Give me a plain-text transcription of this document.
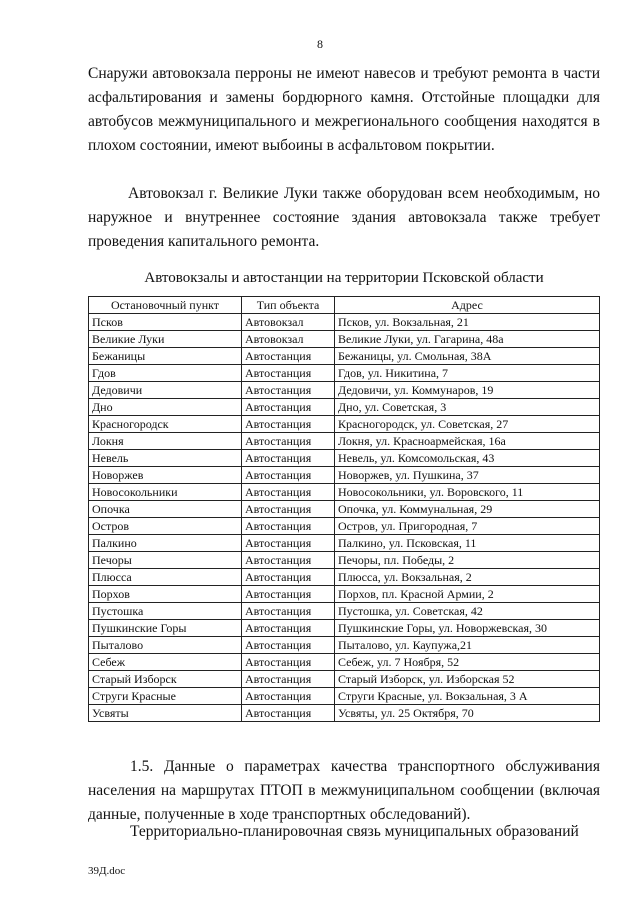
8

Снаружи автовокзала перроны не имеют навесов и требуют ремонта в части асфальтирования и замены бордюрного камня. Отстойные площадки для автобусов межмуниципального и межрегионального сообщения находятся в плохом состоянии, имеют выбоины в асфальтовом покрытии.

Автовокзал г. Великие Луки также оборудован всем необходимым, но наружное и внутреннее состояние здания автовокзала также требует проведения капитального ремонта.

Автовокзалы и автостанции на территории Псковской области
Остановочный пункт	Тип объекта	Адрес
Псков	Автовокзал	Псков, ул. Вокзальная, 21
Великие Луки	Автовокзал	Великие Луки, ул. Гагарина, 48а
Бежаницы	Автостанция	Бежаницы, ул. Смольная, 38А
Гдов	Автостанция	Гдов, ул. Никитина, 7
Дедовичи	Автостанция	Дедовичи, ул. Коммунаров, 19
Дно	Автостанция	Дно, ул. Советская, 3
Красногородск	Автостанция	Красногородск, ул. Советская, 27
Локня	Автостанция	Локня, ул. Красноармейская, 16а
Невель	Автостанция	Невель, ул. Комсомольская, 43
Новоржев	Автостанция	Новоржев, ул. Пушкина, 37
Новосокольники	Автостанция	Новосокольники, ул. Воровского, 11
Опочка	Автостанция	Опочка, ул. Коммунальная, 29
Остров	Автостанция	Остров, ул. Пригородная, 7
Палкино	Автостанция	Палкино, ул. Псковская, 11
Печоры	Автостанция	Печоры, пл. Победы, 2
Плюсса	Автостанция	Плюсса, ул. Вокзальная, 2
Порхов	Автостанция	Порхов, пл. Красной Армии, 2
Пустошка	Автостанция	Пустошка, ул. Советская, 42
Пушкинские Горы	Автостанция	Пушкинские Горы, ул. Новоржевская, 30
Пыталово	Автостанция	Пыталово, ул. Каупужа,21
Себеж	Автостанция	Себеж, ул. 7 Ноября, 52
Старый Изборск	Автостанция	Старый Изборск, ул. Изборская 52
Струги Красные	Автостанция	Струги Красные, ул. Вокзальная, 3 А
Усвяты	Автостанция	Усвяты, ул. 25 Октября, 70

1.5. Данные о параметрах качества транспортного обслуживания населения на маршрутах ПТОП в межмуниципальном сообщении (включая данные, полученные в ходе транспортных обследований).

Территориально-планировочная связь муниципальных образований

39Д.doc
